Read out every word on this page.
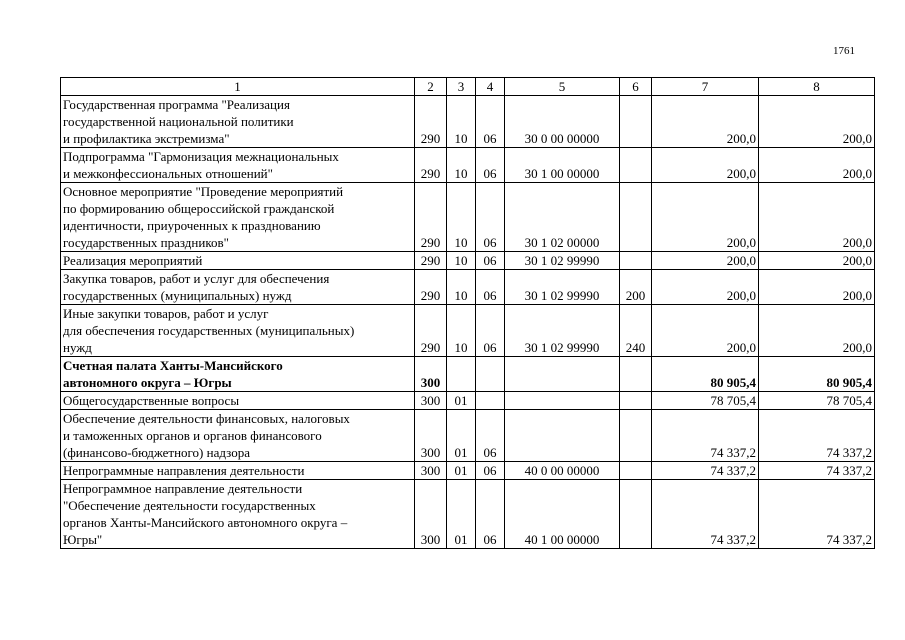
1761
1	2	3	4	5	6	7	8
Государственная программа "Реализация
государственной национальной политики
и профилактика экстремизма"	290	10	06	30 0 00 00000		200,0	200,0
Подпрограмма "Гармонизация межнациональных
и межконфессиональных отношений"	290	10	06	30 1 00 00000		200,0	200,0
Основное мероприятие "Проведение мероприятий
по формированию общероссийской гражданской
идентичности, приуроченных к празднованию
государственных праздников"	290	10	06	30 1 02 00000		200,0	200,0
Реализация мероприятий	290	10	06	30 1 02 99990		200,0	200,0
Закупка товаров, работ и услуг для обеспечения
государственных (муниципальных) нужд	290	10	06	30 1 02 99990	200	200,0	200,0
Иные закупки товаров, работ и услуг
для обеспечения государственных (муниципальных)
нужд	290	10	06	30 1 02 99990	240	200,0	200,0
Счетная палата Ханты-Мансийского
автономного округа – Югры	300					80 905,4	80 905,4
Общегосударственные вопросы	300	01				78 705,4	78 705,4
Обеспечение деятельности финансовых, налоговых
и таможенных органов и органов финансового
(финансово-бюджетного) надзора	300	01	06			74 337,2	74 337,2
Непрограммные направления деятельности	300	01	06	40 0 00 00000		74 337,2	74 337,2
Непрограммное направление деятельности
"Обеспечение деятельности государственных
органов Ханты-Мансийского автономного округа –
Югры"	300	01	06	40 1 00 00000		74 337,2	74 337,2
